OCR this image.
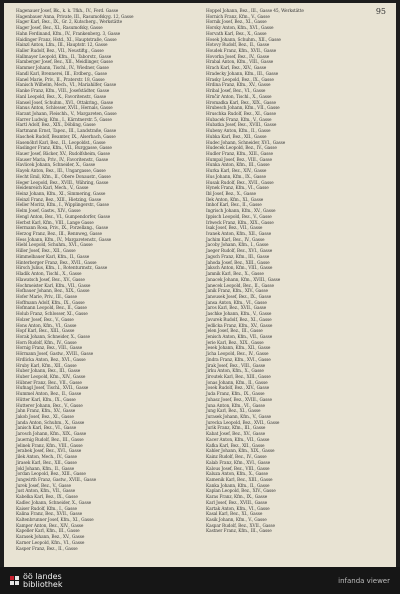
95
Hagenauer Josef, Bk., k. k. Tfkh., IV., Ferd. Gasse
Hagenbauer Anna, Private, III., Rasumofskyg. 12, Gasse
Hager Karl, Bez., IX., Gr. 2, Kutscherg., Werkstätte
Hager Josef, Bez., XI., Rasumofsky, Gasse
Hahn Ferdinand, Kfm., IV., Frankenberg. 3, Gasse
Haidinger Franz, Hstd., XI., Hauptstraße, Gasse
Hainzl Anton, Lfm., III., Hauptstr. 12, Gasse
Haller Rudolf, Bez., VII., Neustiftg., Gasse
Hallmayer Leopold, Kfm., II., Taborstr., Gasse
Hamberger Josef, Bez., XII., Meidlinger, Gasse
Hammer Johann, Tischl., IV., Wiedner, Gasse
Handl Karl, Brennerei, III., Erdberg., Gasse
Hanel Marie, Priv., II., Praterstr. 18, Gasse
Hanisch Wilhelm, Mech., VI., Mariahilfer, Gasse
Hanke Franz, Kfm., VIII., Josefstädter, Gasse
Hanl Leopold, Bez., X., Favoritenstr., Gasse
Hansel Josef, Schuhm., XVI., Ottakring., Gasse
Hanus Anton, Schlosser, XVII., Hernals, Gasse
Harant Johann, Fleischh., V., Margareten, Gasse
Harrer Ludwig, Kfm., I., Kärntnerstr. 5, Gasse
Hartl Adolf, Bez., XIX., Döbling, Gasse
Hartmann Ernst, Tapez., III., Landstraße, Gasse
Haschek Rudolf, Beamter, IX., Alserbach, Gasse
Hasenöhrl Karl, Bez., II., Leopoldst., Gasse
Haslinger Franz, Kfm., VII., Burggasse, Gasse
Hauer Josef, Bäcker, XV., Rudolfsheim, Gasse
Hauser Maria, Priv., IV., Favoritenstr., Gasse
Havlicek Johann, Schneider, X., Gasse
Hayek Anton, Bez., III., Ungargasse, Gasse
Hecht Emil, Kfm., II., Obere Donaustr., Gasse
Heger Leopold, Bez., XVIII., Währing, Gasse
Heidenreich Karl, Mech., V., Gasse
Heinz Johann, Kfm., XI., Simmering, Gasse
Heinzl Franz, Bez., XIII., Hietzing, Gasse
Heller Moritz, Kfm., I., Wipplingerstr., Gasse
Helm Josef, Gastw., XIV., Gasse
Hengl Anton, Bez., VI., Gumpendorfer, Gasse
Herbst Karl, Kfm., VIII., Lange Gasse
Hermann Rosa, Priv., IX., Porzellang., Gasse
Herzog Franz, Bez., III., Rennweg, Gasse
Hess Johann, Kfm., IV., Margaretenstr., Gasse
Hiebl Leopold, Schuhm., XVI., Gasse
Hiller Josef, Bez., XII., Gasse
Himmelbauer Karl, Kfm., II., Gasse
Hinterberger Franz, Bez., XVII., Gasse
Hirsch Julius, Kfm., I., Rotenturmstr., Gasse
Hladik Anton, Tischl., X., Gasse
Hlawatsch Josef, Bez., XV., Gasse
Hochmeister Karl, Kfm., VII., Gasse
Hofbauer Johann, Bez., XIX., Gasse
Hofer Marie, Priv., III., Gasse
Hoffmann Adolf, Kfm., IX., Gasse
Hofmann Leopold, Bez., II., Gasse
Holub Franz, Schlosser, XI., Gasse
Holzer Josef, Bez., V., Gasse
Hons Anton, Kfm., VI., Gasse
Hopf Karl, Bez., XIII., Gasse
Horak Johann, Schneider, X., Gasse
Horn Rudolf, Kfm., IV., Gasse
Hornig Franz, Bez., VIII., Gasse
Hörmann Josef, Gastw., XVIII., Gasse
Hrdlicka Anton, Bez., XVI., Gasse
Hruby Karl, Kfm., XII., Gasse
Huber Johann, Bez., III., Gasse
Huber Leopold, Kfm., XIV., Gasse
Hübner Franz, Bez., VII., Gasse
Hufnagl Josef, Tischl., XVII., Gasse
Hummel Anton, Bez., II., Gasse
Hütter Karl, Kfm., IX., Gasse
Hutterer Johann, Bez., V., Gasse
Jahn Franz, Kfm., XV., Gasse
Jakob Josef, Bez., XI., Gasse
Janda Anton, Schuhm., X., Gasse
Janisch Karl, Bez., VI., Gasse
Jarosch Johann, Kfm., XIX., Gasse
Jauernig Rudolf, Bez., III., Gasse
Jelinek Franz, Kfm., VIII., Gasse
Jerabek Josef, Bez., XVI., Gasse
Jilek Anton, Mech., IV., Gasse
Jirasek Karl, Bez., XII., Gasse
Jokl Johann, Kfm., II., Gasse
Jordan Leopold, Bez., XIII., Gasse
Jungwirth Franz, Gastw., XVIII., Gasse
Jurek Josef, Bez., V., Gasse
Just Anton, Kfm., VII., Gasse
Kabelka Karl, Bez., IX., Gasse
Kadlec Johann, Schneider, X., Gasse
Kaiser Rudolf, Kfm., I., Gasse
Kalina Franz, Bez., XVII., Gasse
Kaltenbrunner Josef, Kfm., XI., Gasse
Kamper Anton, Bez., XIV., Gasse
Kapeller Karl, Kfm., III., Gasse
Karasek Johann, Bez., XV., Gasse
Karner Leopold, Kfm., VI., Gasse
Kasper Franz, Bez., II., Gasse
Hoppel Johann, Bez., III., Gasse 45, Werkstätte
Hornich Franz, Kfm., V., Gasse
Hornik Josef, Bez., XI., Gasse
Horsky Anton, Kfm., XVI., Gasse
Horvath Karl, Bez., X., Gasse
Hosek Johann, Schuhm., XII., Gasse
Hotovy Rudolf, Bez., II., Gasse
Houdek Franz, Kfm., XVII., Gasse
Hovorka Josef, Bez., IV., Gasse
Hrabal Anton, Kfm., VIII., Gasse
Hrach Karl, Bez., XIV., Gasse
Hradecky Johann, Kfm., III., Gasse
Hrasky Leopold, Bez., IX., Gasse
Hrdina Franz, Kfm., XV., Gasse
Hribal Josef, Bez., VI., Gasse
Hrnčir Anton, Tischl., X., Gasse
Hromadka Karl, Bez., XIX., Gasse
Hrubesch Johann, Kfm., VII., Gasse
Hruschka Rudolf, Bez., XI., Gasse
Hubacek Franz, Kfm., V., Gasse
Hubatka Josef, Bez., XVIII., Gasse
Hubeny Anton, Kfm., II., Gasse
Hubka Karl, Bez., XII., Gasse
Hudec Johann, Schneider, XVI., Gasse
Hudecek Leopold, Bez., IV., Gasse
Hudler Franz, Kfm., XIII., Gasse
Humpal Josef, Bez., VIII., Gasse
Hunka Anton, Kfm., III., Gasse
Hurka Karl, Bez., XIV., Gasse
Hus Johann, Kfm., IX., Gasse
Husak Rudolf, Bez., XVII., Gasse
Hynek Franz, Kfm., VI., Gasse
Ibl Josef, Bez., X., Gasse
Ilek Anton, Kfm., XI., Gasse
Imhof Karl, Bez., II., Gasse
Ingrisch Johann, Kfm., XV., Gasse
Ippisch Leopold, Bez., V., Gasse
Irlweck Franz, Kfm., XIX., Gasse
Isak Josef, Bez., VII., Gasse
Ivanek Anton, Kfm., XII., Gasse
Jachim Karl, Bez., IV., Gasse
Jacoby Johann, Kfm., I., Gasse
Jaeger Rudolf, Bez., XVI., Gasse
Jagsch Franz, Kfm., III., Gasse
Jahoda Josef, Bez., XIII., Gasse
Jaksch Anton, Kfm., VIII., Gasse
Jamnik Karl, Bez., X., Gasse
Janacek Johann, Kfm., XVIII., Gasse
Janecek Leopold, Bez., II., Gasse
Janik Franz, Kfm., XIV., Gasse
Janousek Josef, Bez., IX., Gasse
Jansa Anton, Kfm., VI., Gasse
Jaros Karl, Bez., XVII., Gasse
Jaschke Johann, Kfm., V., Gasse
Javurek Rudolf, Bez., XI., Gasse
Jedlicka Franz, Kfm., XV., Gasse
Jelen Josef, Bez., III., Gasse
Jenisch Anton, Kfm., VII., Gasse
Jerie Karl, Bez., XIX., Gasse
Jesek Johann, Kfm., XII., Gasse
Jicha Leopold, Bez., IV., Gasse
Jindra Franz, Kfm., XVI., Gasse
Jirak Josef, Bez., VIII., Gasse
Jirku Anton, Kfm., X., Gasse
Jiroutek Karl, Bez., XIII., Gasse
Jonas Johann, Kfm., II., Gasse
Josek Rudolf, Bez., XIV., Gasse
Juda Franz, Kfm., IX., Gasse
Juhasz Josef, Bez., XVIII., Gasse
Juna Anton, Kfm., VI., Gasse
Jung Karl, Bez., XI., Gasse
Jurasek Johann, Kfm., V., Gasse
Jurecka Leopold, Bez., XVII., Gasse
Jurik Franz, Kfm., III., Gasse
Kabat Josef, Bez., XV., Gasse
Kacer Anton, Kfm., VII., Gasse
Kafka Karl, Bez., XII., Gasse
Kahler Johann, Kfm., XIX., Gasse
Kainz Rudolf, Bez., IV., Gasse
Kalab Franz, Kfm., XVI., Gasse
Kalous Josef, Bez., VIII., Gasse
Kaluza Anton, Kfm., X., Gasse
Kamenik Karl, Bez., XIII., Gasse
Kanka Johann, Kfm., II., Gasse
Kaplan Leopold, Bez., XIV., Gasse
Karas Franz, Kfm., IX., Gasse
Karl Josef, Bez., XVIII., Gasse
Kartak Anton, Kfm., VI., Gasse
Kasal Karl, Bez., XI., Gasse
Kasik Johann, Kfm., V., Gasse
Kaspar Rudolf, Bez., XVII., Gasse
Kastner Franz, Kfm., III., Gasse
öö landes
bibliothek	infanda viewer
